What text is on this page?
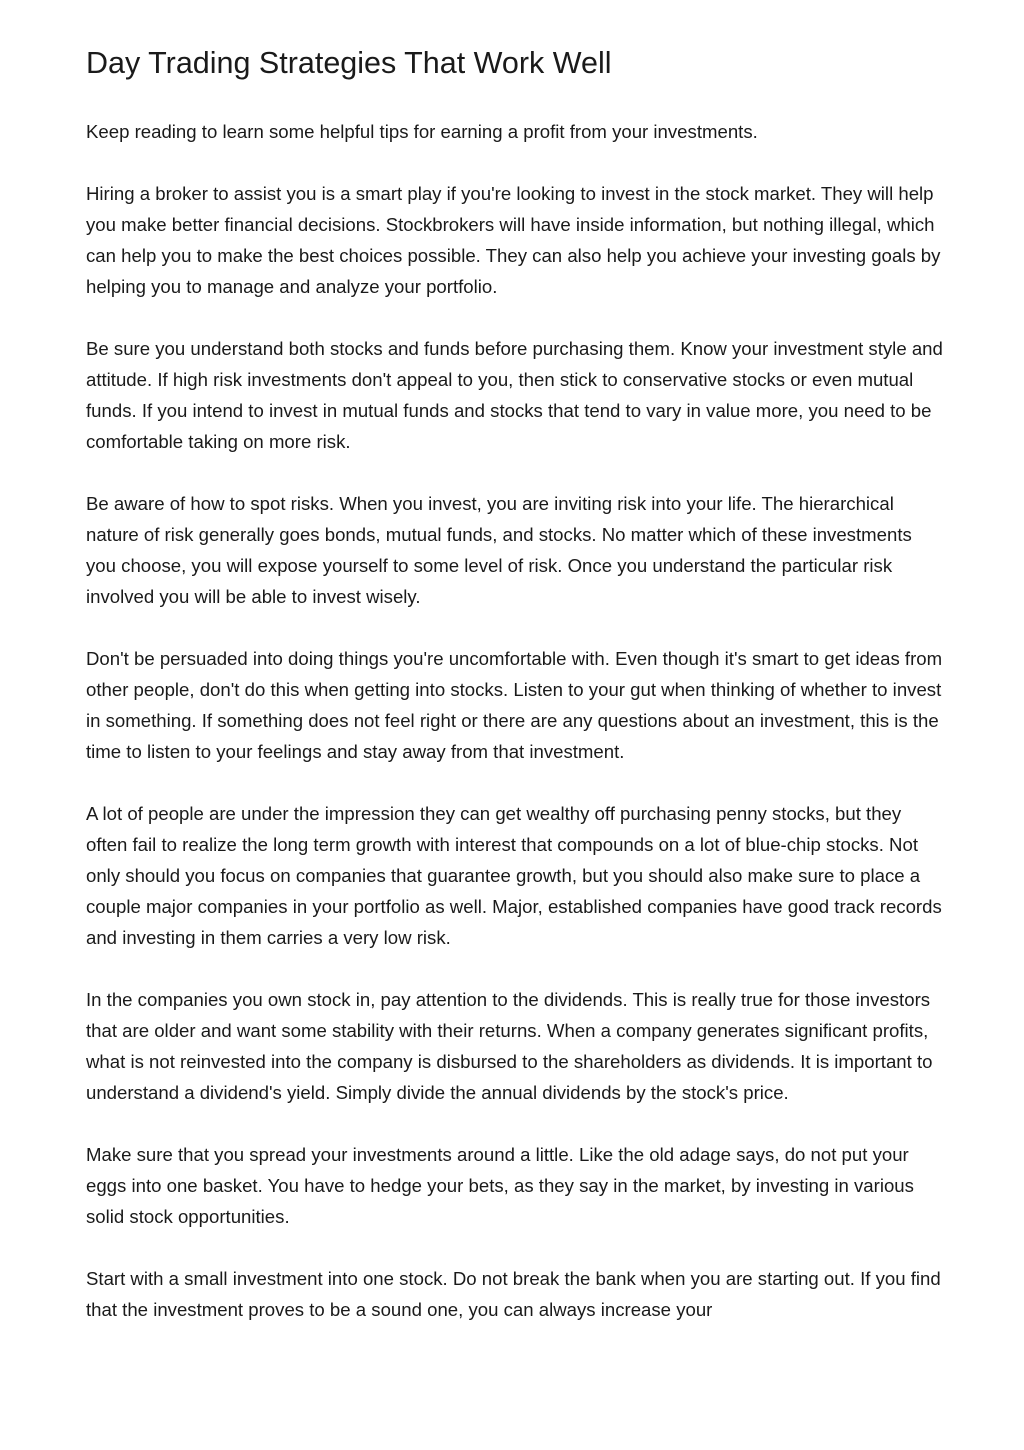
Day Trading Strategies That Work Well

Keep reading to learn some helpful tips for earning a profit from your investments.

Hiring a broker to assist you is a smart play if you're looking to invest in the stock market. They will help you make better financial decisions. Stockbrokers will have inside information, but nothing illegal, which can help you to make the best choices possible. They can also help you achieve your investing goals by helping you to manage and analyze your portfolio.

Be sure you understand both stocks and funds before purchasing them. Know your investment style and attitude. If high risk investments don't appeal to you, then stick to conservative stocks or even mutual funds. If you intend to invest in mutual funds and stocks that tend to vary in value more, you need to be comfortable taking on more risk.

Be aware of how to spot risks. When you invest, you are inviting risk into your life. The hierarchical nature of risk generally goes bonds, mutual funds, and stocks. No matter which of these investments you choose, you will expose yourself to some level of risk. Once you understand the particular risk involved you will be able to invest wisely.

Don't be persuaded into doing things you're uncomfortable with. Even though it's smart to get ideas from other people, don't do this when getting into stocks. Listen to your gut when thinking of whether to invest in something. If something does not feel right or there are any questions about an investment, this is the time to listen to your feelings and stay away from that investment.

A lot of people are under the impression they can get wealthy off purchasing penny stocks, but they often fail to realize the long term growth with interest that compounds on a lot of blue-chip stocks. Not only should you focus on companies that guarantee growth, but you should also make sure to place a couple major companies in your portfolio as well. Major, established companies have good track records and investing in them carries a very low risk.

In the companies you own stock in, pay attention to the dividends. This is really true for those investors that are older and want some stability with their returns. When a company generates significant profits, what is not reinvested into the company is disbursed to the shareholders as dividends. It is important to understand a dividend's yield. Simply divide the annual dividends by the stock's price.

Make sure that you spread your investments around a little. Like the old adage says, do not put your eggs into one basket. You have to hedge your bets, as they say in the market, by investing in various solid stock opportunities.

Start with a small investment into one stock. Do not break the bank when you are starting out. If you find that the investment proves to be a sound one, you can always increase your
